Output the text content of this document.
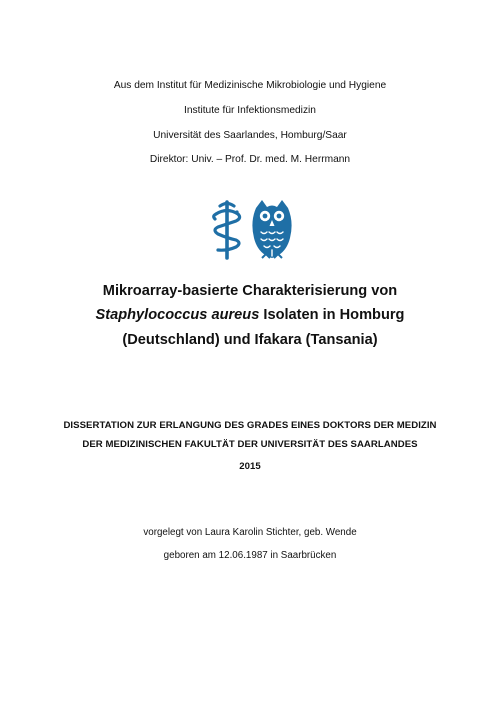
Aus dem Institut für Medizinische Mikrobiologie und Hygiene
Institute für Infektionsmedizin
Universität des Saarlandes, Homburg/Saar
Direktor: Univ. – Prof. Dr. med. M. Herrmann
Mikroarray-basierte Charakterisierung von
Staphylococcus aureus Isolaten in Homburg
(Deutschland) und Ifakara (Tansania)
DISSERTATION ZUR ERLANGUNG DES GRADES EINES DOKTORS DER MEDIZIN
DER MEDIZINISCHEN FAKULTÄT DER UNIVERSITÄT DES SAARLANDES
2015
vorgelegt von Laura Karolin Stichter, geb. Wende
geboren am 12.06.1987 in Saarbrücken
